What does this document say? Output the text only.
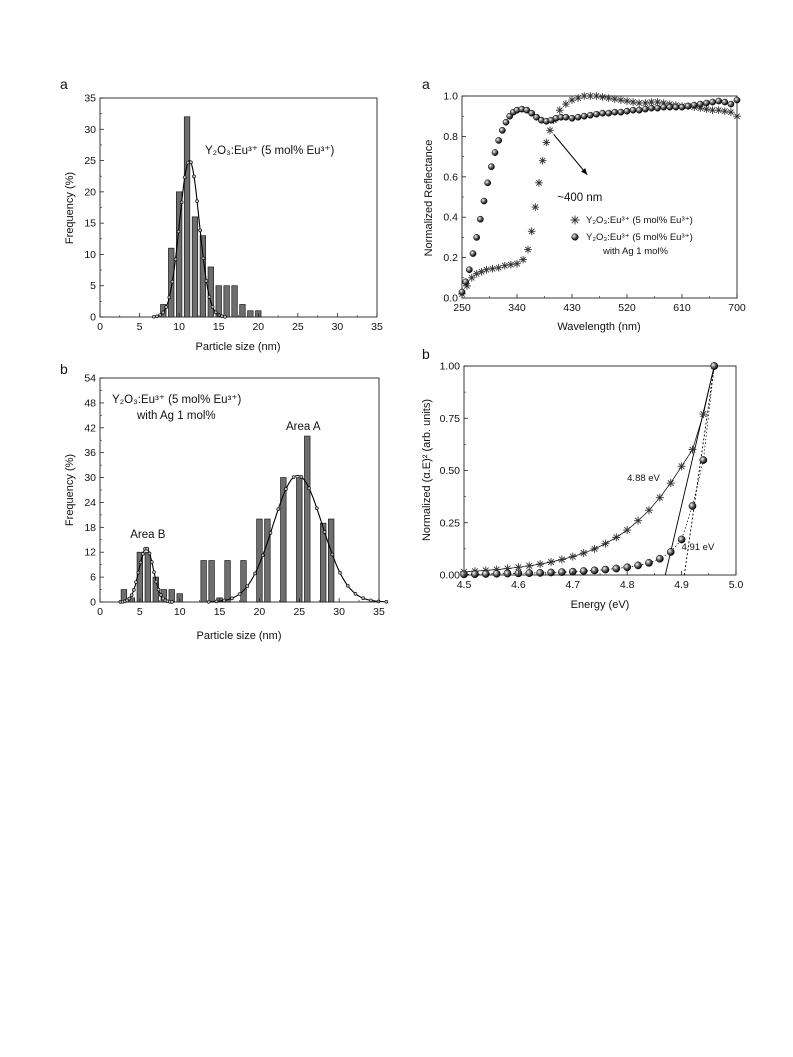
a
0	5	10	15	20	25	30	35
0
5
10
15
20
25
30
35
Y₂O₃:Eu³⁺ (5 mol% Eu³⁺)
Particle size (nm)
Frequency (%)
b
0	5	10	15	20	25	30	35
0
6
12
18
24
30
36
42
48
54
Y₂O₃:Eu³⁺ (5 mol% Eu³⁺)
with Ag 1 mol%
Area A
Area B
Particle size (nm)
Frequency (%)
a
250	340	430	520	610	700
0.0
0.2
0.4
0.6
0.8
1.0
~400 nm
Y₂O₃:Eu³⁺ (5 mol% Eu³⁺)
Y₂O₃:Eu³⁺ (5 mol% Eu³⁺)
with Ag 1 mol%
Wavelength (nm)
Normalized Reflectance
b
4.5	4.6	4.7	4.8	4.9	5.0
0.00
0.25
0.50
0.75
1.00
4.88 eV
4.91 eV
Energy (eV)
Normalized (α.E)² (arb. units)
